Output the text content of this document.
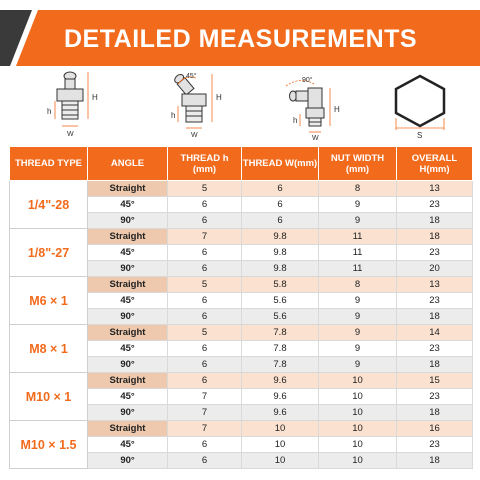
DETAILED MEASUREMENTS
H
h
W
45°
H
h
W
90°
H
h
W	S
THREAD TYPE	ANGLE	THREAD h (mm)	THREAD W(mm)	NUT WIDTH (mm)	OVERALL H(mm)
1/4"-28	Straight	5	6	8	13
	45°	6	6	9	23
	90°	6	6	9	18
1/8"-27	Straight	7	9.8	11	18
	45°	6	9.8	11	23
	90°	6	9.8	11	20
M6 × 1	Straight	5	5.8	8	13
	45°	6	5.6	9	23
	90°	6	5.6	9	18
M8 × 1	Straight	5	7.8	9	14
	45°	6	7.8	9	23
	90°	6	7.8	9	18
M10 × 1	Straight	6	9.6	10	15
	45°	7	9.6	10	23
	90°	7	9.6	10	18
M10 × 1.5	Straight	7	10	10	16
	45°	6	10	10	23
	90°	6	10	10	18
